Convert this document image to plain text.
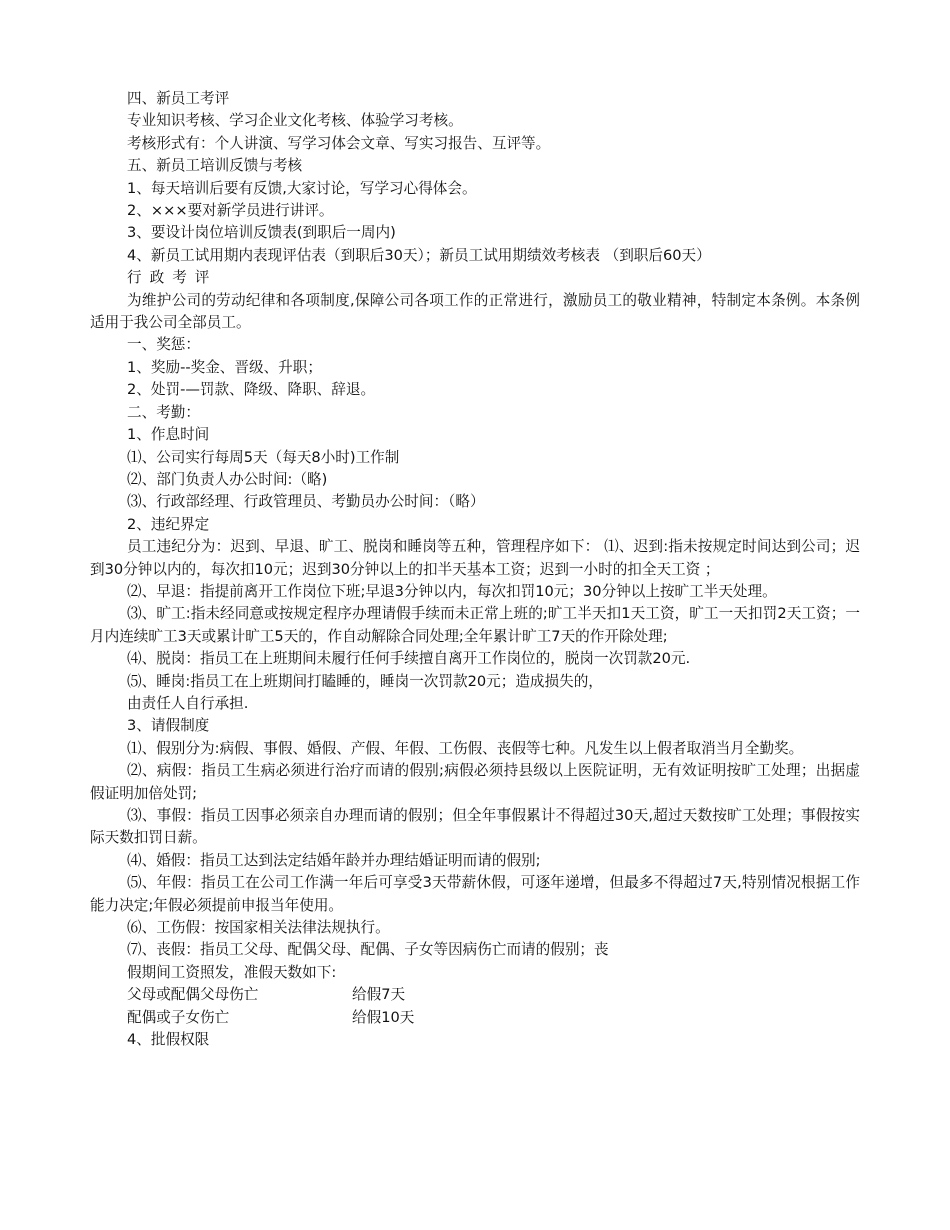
四、新员工考评
专业知识考核、学习企业文化考核、体验学习考核。
考核形式有：个人讲演、写学习体会文章、写实习报告、互评等。
五、新员工培训反馈与考核
1、每天培训后要有反馈,大家讨论，写学习心得体会。
2、×××要对新学员进行讲评。
3、要设计岗位培训反馈表(到职后一周内)
4、新员工试用期内表现评估表（到职后30天）；新员工试用期绩效考核表 （到职后60天）
行政考评
为维护公司的劳动纪律和各项制度,保障公司各项工作的正常进行，激励员工的敬业精神，特制定本条例。本条例适用于我公司全部员工。
一、奖惩：
1、奖励--奖金、晋级、升职；
2、处罚-—罚款、降级、降职、辞退。
二、考勤：
1、作息时间
⑴、公司实行每周5天（每天8小时)工作制
⑵、部门负责人办公时间:（略)
⑶、行政部经理、行政管理员、考勤员办公时间：（略）
2、违纪界定
员工违纪分为：迟到、早退、旷工、脱岗和睡岗等五种，管理程序如下： ⑴、迟到:指未按规定时间达到公司；迟到30分钟以内的，每次扣10元；迟到30分钟以上的扣半天基本工资；迟到一小时的扣全天工资 ；
⑵、早退：指提前离开工作岗位下班;早退3分钟以内，每次扣罚10元；30分钟以上按旷工半天处理。
⑶、旷工:指未经同意或按规定程序办理请假手续而未正常上班的;旷工半天扣1天工资，旷工一天扣罚2天工资；一月内连续旷工3天或累计旷工5天的，作自动解除合同处理;全年累计旷工7天的作开除处理;
⑷、脱岗：指员工在上班期间未履行任何手续擅自离开工作岗位的，脱岗一次罚款20元.
⑸、睡岗:指员工在上班期间打瞌睡的，睡岗一次罚款20元；造成损失的，
由责任人自行承担.
3、请假制度
⑴、假别分为:病假、事假、婚假、产假、年假、工伤假、丧假等七种。凡发生以上假者取消当月全勤奖。
⑵、病假：指员工生病必须进行治疗而请的假别;病假必须持县级以上医院证明，无有效证明按旷工处理；出据虚假证明加倍处罚;
⑶、事假：指员工因事必须亲自办理而请的假别；但全年事假累计不得超过30天,超过天数按旷工处理；事假按实际天数扣罚日薪。
⑷、婚假：指员工达到法定结婚年龄并办理结婚证明而请的假别;
⑸、年假：指员工在公司工作满一年后可享受3天带薪休假，可逐年递增，但最多不得超过7天,特别情况根据工作能力决定;年假必须提前申报当年使用。
⑹、工伤假：按国家相关法律法规执行。
⑺、丧假：指员工父母、配偶父母、配偶、子女等因病伤亡而请的假别；丧
假期间工资照发，准假天数如下:
父母或配偶父母伤亡	给假7天
配偶或子女伤亡	给假10天
4、批假权限
